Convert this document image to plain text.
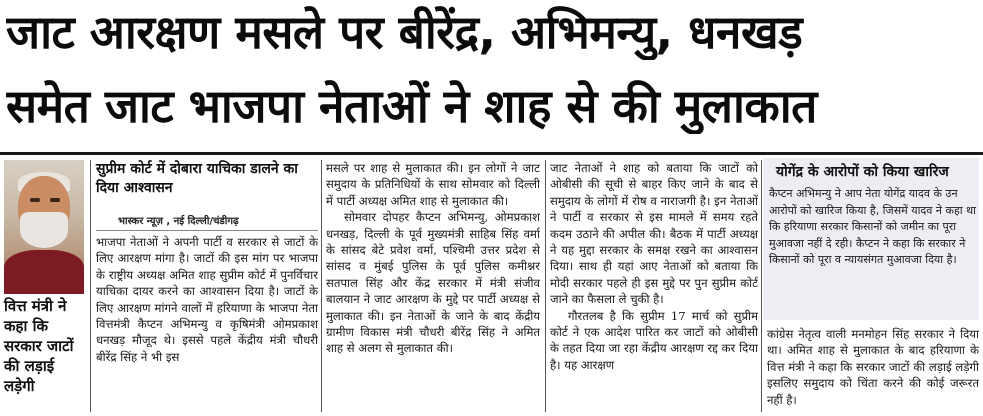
जाट आरक्षण मसले पर बीरेंद्र, अभिमन्यु, धनखड़
समेत जाट भाजपा नेताओं ने शाह से की मुलाकात
वित्त मंत्री ने कहा कि सरकार जाटों की लड़ाई लड़ेगी
सुप्रीम कोर्ट में दोबारा याचिका डालने का दिया आश्वासन
भास्कर न्यूज़ , नई दिल्ली/चंडीगढ़
भाजपा नेताओं ने अपनी पार्टी व सरकार से जाटों के लिए आरक्षण मांगा है। जाटों की इस मांग पर भाजपा के राष्ट्रीय अध्यक्ष अमित शाह सुप्रीम कोर्ट में पुनर्विचार याचिका दायर करने का आश्वासन दिया है। जाटों के लिए आरक्षण मांगने वालों में हरियाणा के भाजपा नेता वित्तमंत्री कैप्टन अभिमन्यु व कृषिमंत्री ओमप्रकाश धनखड़ मौजूद थे। इससे पहले केंद्रीय मंत्री चौधरी बीरेंद्र सिंह ने भी इस
मसले पर शाह से मुलाकात की। इन लोगों ने जाट समुदाय के प्रतिनिधियों के साथ सोमवार को दिल्ली में पार्टी अध्यक्ष अमित शाह से मुलाकात की।
सोमवार दोपहर कैप्टन अभिमन्यु, ओमप्रकाश धनखड़, दिल्ली के पूर्व मुख्यमंत्री साहिब सिंह वर्मा के सांसद बेटे प्रवेश वर्मा, पश्चिमी उत्तर प्रदेश से सांसद व मुंबई पुलिस के पूर्व पुलिस कमीश्नर सतपाल सिंह और केंद्र सरकार में मंत्री संजीव बालयान ने जाट आरक्षण के मुद्दे पर पार्टी अध्यक्ष से मुलाकात की। इन नेताओं के जाने के बाद केंद्रीय ग्रामीण विकास मंत्री चौधरी बीरेंद्र सिंह ने अमित शाह से अलग से मुलाकात की।
जाट नेताओं ने शाह को बताया कि जाटों को ओबीसी की सूची से बाहर किए जाने के बाद से समुदाय के लोगों में रोष व नाराजगी है। इन नेताओं ने पार्टी व सरकार से इस मामले में समय रहते कदम उठाने की अपील की। बैठक में पार्टी अध्यक्ष ने यह मुद्दा सरकार के समक्ष रखने का आश्वासन दिया। साथ ही यहां आए नेताओं को बताया कि मोदी सरकार पहले ही इस मुद्दे पर पुन सुप्रीम कोर्ट जाने का फैसला ले चुकी है।
गौरतलब है कि सुप्रीम 17 मार्च को सुप्रीम कोर्ट ने एक आदेश पारित कर जाटों को ओबीसी के तहत दिया जा रहा केंद्रीय आरक्षण रद्द कर दिया है। यह आरक्षण
योगेंद्र के आरोपों को किया खारिज
कैप्टन अभिमन्यु ने आप नेता योगेंद्र यादव के उन आरोपों को खारिज किया है, जिसमें यादव ने कहा था कि हरियाणा सरकार किसानों को जमीन का पूरा मुआवजा नहीं दे रही। कैप्टन ने कहा कि सरकार ने किसानों को पूरा व न्यायसंगत मुआवजा दिया है।
कांग्रेस नेतृत्व वाली मनमोहन सिंह सरकार ने दिया था। अमित शाह से मुलाकात के बाद हरियाणा के वित्त मंत्री ने कहा कि सरकार जाटों की लड़ाई लड़ेगी इसलिए समुदाय को चिंता करने की कोई जरूरत नहीं है।
